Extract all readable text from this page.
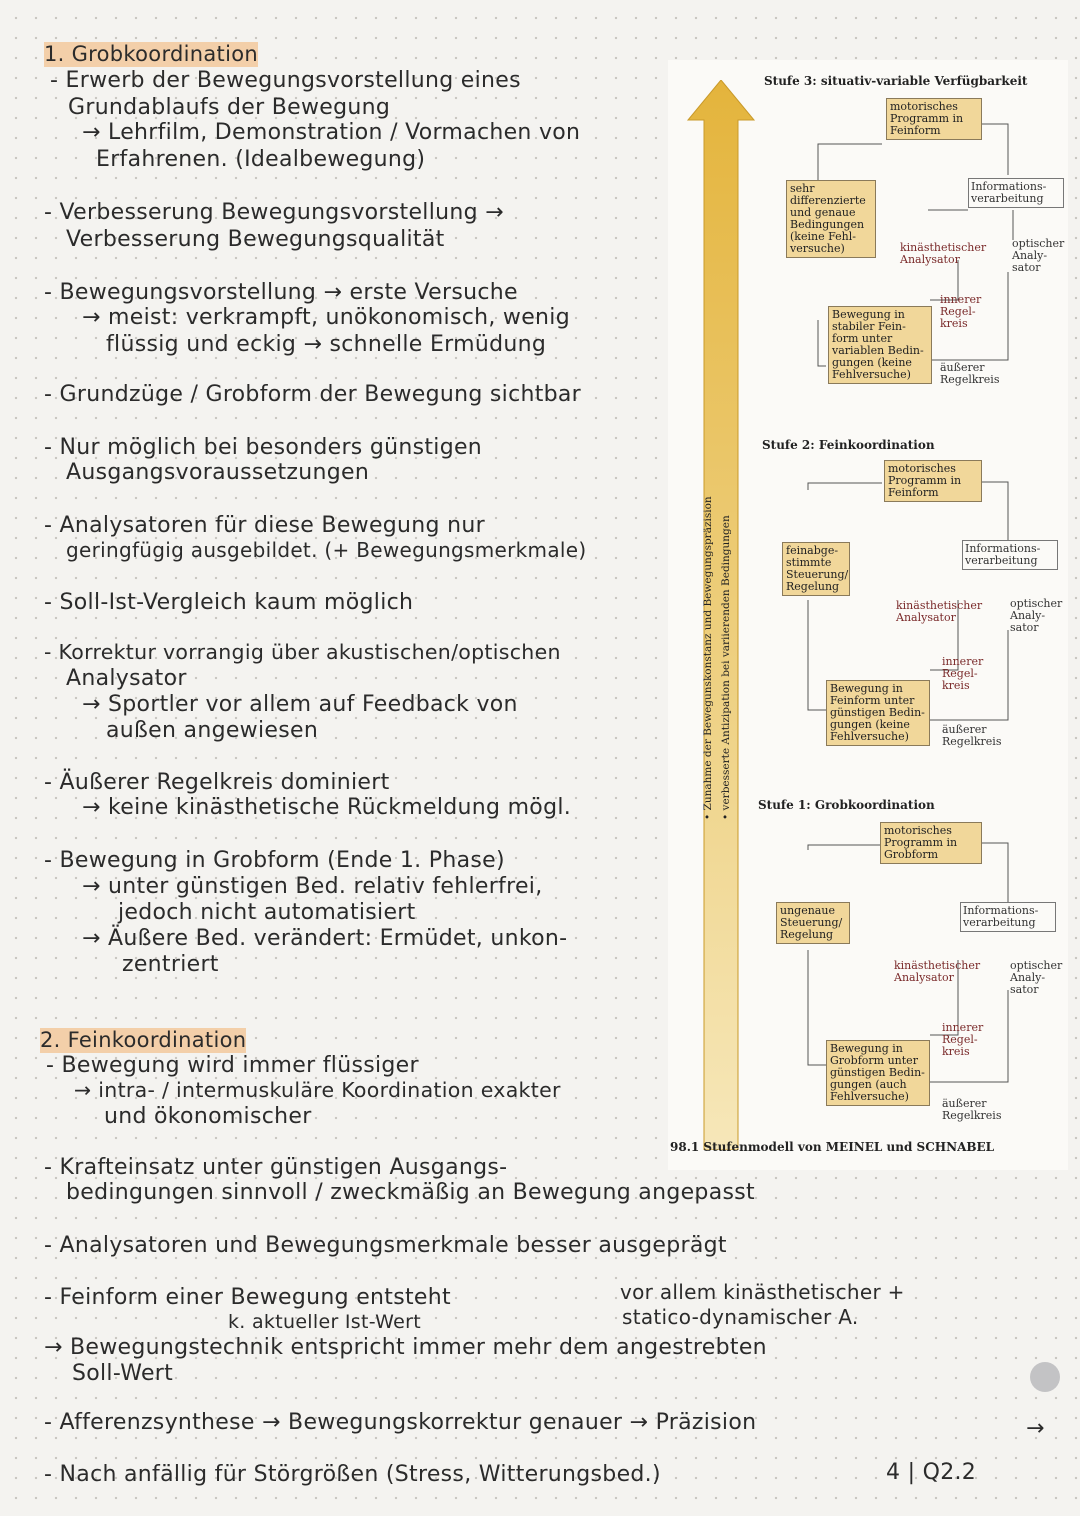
1. Grobkoordination
- Erwerb der Bewegungsvorstellung eines
Grundablaufs der Bewegung
→ Lehrfilm, Demonstration / Vormachen von
Erfahrenen. (Idealbewegung)
- Verbesserung Bewegungsvorstellung →
Verbesserung Bewegungsqualität
- Bewegungsvorstellung → erste Versuche
→ meist: verkrampft, unökonomisch, wenig
flüssig und eckig → schnelle Ermüdung
- Grundzüge / Grobform der Bewegung sichtbar
- Nur möglich bei besonders günstigen
Ausgangsvoraussetzungen
- Analysatoren für diese Bewegung nur
geringfügig ausgebildet. (+ Bewegungsmerkmale)
- Soll-Ist-Vergleich kaum möglich
- Korrektur vorrangig über akustischen/optischen
Analysator
→ Sportler vor allem auf Feedback von
außen angewiesen
- Äußerer Regelkreis dominiert
→ keine kinästhetische Rückmeldung mögl.
- Bewegung in Grobform (Ende 1. Phase)
→ unter günstigen Bed. relativ fehlerfrei,
jedoch nicht automatisiert
→ Äußere Bed. verändert: Ermüdet, unkon-
zentriert
2. Feinkoordination
- Bewegung wird immer flüssiger
→ intra- / intermuskuläre Koordination exakter
und ökonomischer
- Krafteinsatz unter günstigen Ausgangs-
bedingungen sinnvoll / zweckmäßig an Bewegung angepasst
- Analysatoren und Bewegungsmerkmale besser ausgeprägt
vor allem kinästhetischer +
statico-dynamischer A.
- Feinform einer Bewegung entsteht
k. aktueller Ist-Wert
→ Bewegungstechnik entspricht immer mehr dem angestrebten
Soll-Wert
- Afferenzsynthese → Bewegungskorrektur genauer → Präzision
- Nach anfällig für Störgrößen (Stress, Witterungsbed.)	4 | Q2.2
→
• Zunahme der Bewegunskonstanz und Bewegungspräzision • verbesserte Antizipation bei variierenden Bedingungen
Stufe 3: situativ-variable Verfügbarkeit
motorisches Programm in Feinform
sehr differenzierte und genaue Bedingungen (keine Fehl-versuche)
Informations-verarbeitung
kinästhetischer Analysator
optischer Analy-sator
innerer Regel-kreis
Bewegung in stabiler Fein-form unter variablen Bedin-gungen (keine Fehlversuche)
äußerer Regelkreis
Stufe 2: Feinkoordination
motorisches Programm in Feinform
feinabge-stimmte Steuerung/ Regelung
Informations-verarbeitung
kinästhetischer Analysator
optischer Analy-sator
innerer Regel-kreis
Bewegung in Feinform unter günstigen Bedin-gungen (keine Fehlversuche)
äußerer Regelkreis
Stufe 1: Grobkoordination
motorisches Programm in Grobform
ungenaue Steuerung/ Regelung
Informations-verarbeitung
kinästhetischer Analysator
optischer Analy-sator
innerer Regel-kreis
Bewegung in Grobform unter günstigen Bedin-gungen (auch Fehlversuche)
äußerer Regelkreis
98.1 Stufenmodell von MEINEL und SCHNABEL
